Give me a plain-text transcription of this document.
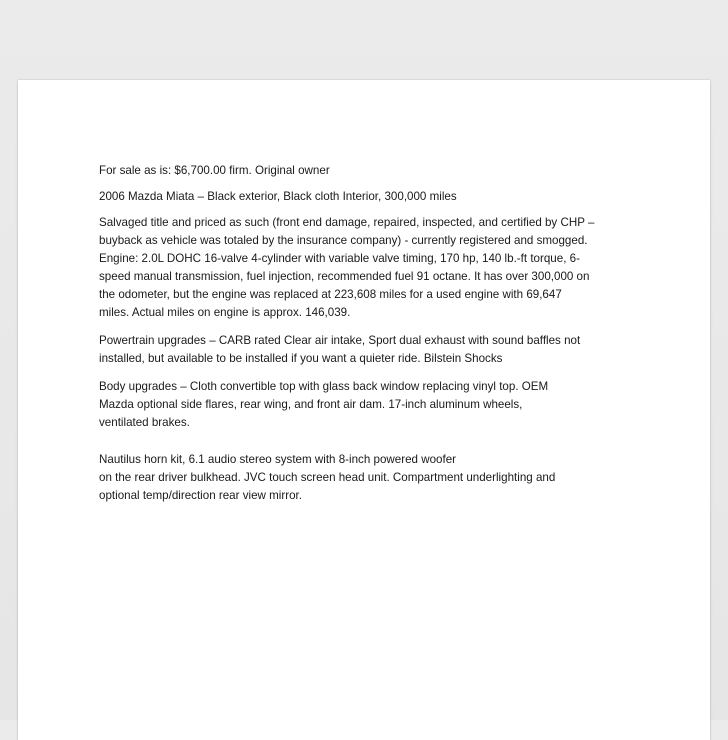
For sale as is: $6,700.00 firm. Original owner

2006 Mazda Miata – Black exterior, Black cloth Interior, 300,000 miles

Salvaged title and priced as such (front end damage, repaired, inspected, and certified by CHP –
buyback as vehicle was totaled by the insurance company) - currently registered and smogged.
Engine: 2.0L DOHC 16-valve 4-cylinder with variable valve timing, 170 hp, 140 lb.-ft torque, 6-
speed manual transmission, fuel injection, recommended fuel 91 octane. It has over 300,000 on
the odometer, but the engine was replaced at 223,608 miles for a used engine with 69,647
miles. Actual miles on engine is approx. 146,039.

Powertrain upgrades – CARB rated Clear air intake, Sport dual exhaust with sound baffles not
installed, but available to be installed if you want a quieter ride. Bilstein Shocks

Body upgrades – Cloth convertible top with glass back window replacing vinyl top. OEM
Mazda optional side flares, rear wing, and front air dam. 17-inch aluminum wheels,
ventilated brakes.

Nautilus horn kit, 6.1 audio stereo system with 8-inch powered woofer
on the rear driver bulkhead. JVC touch screen head unit. Compartment underlighting and
optional temp/direction rear view mirror.
